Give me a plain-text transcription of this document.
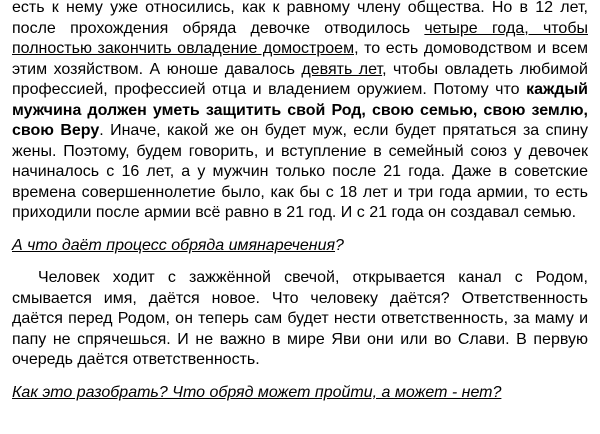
есть к нему уже относились, как к равному члену общества. Но в 12 лет, после прохождения обряда девочке отводилось четыре года, чтобы полностью закончить овладение домостроем, то есть домоводством и всем этим хозяйством. А юноше давалось девять лет, чтобы овладеть любимой профессией, профессией отца и владением оружием. Потому что каждый мужчина должен уметь защитить свой Род, свою семью, свою землю, свою Веру. Иначе, какой же он будет муж, если будет прятаться за спину жены. Поэтому, будем говорить, и вступление в семейный союз у девочек начиналось с 16 лет, а у мужчин только после 21 года. Даже в советские времена совершеннолетие было, как бы с 18 лет и три года армии, то есть приходили после армии всё равно в 21 год. И с 21 года он создавал семью.

А что даёт процесс обряда имянаречения?

Человек ходит с зажжённой свечой, открывается канал с Родом, смывается имя, даётся новое. Что человеку даётся? Ответственность даётся перед Родом, он теперь сам будет нести ответственность, за маму и папу не спрячешься. И не важно в мире Яви они или во Слави. В первую очередь даётся ответственность.

Как это разобрать? Что обряд может пройти, а может - нет?
